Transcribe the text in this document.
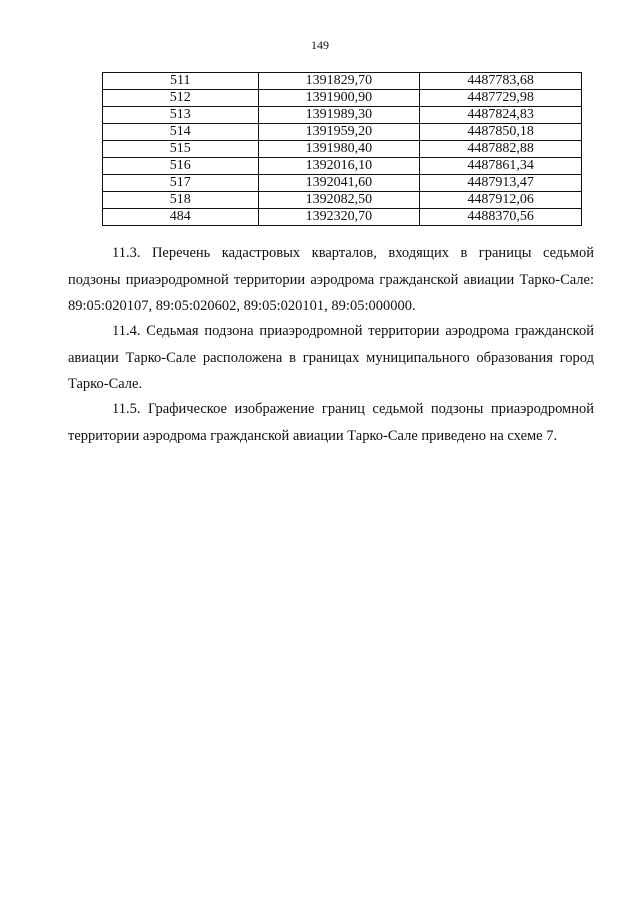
149
511	1391829,70	4487783,68
512	1391900,90	4487729,98
513	1391989,30	4487824,83
514	1391959,20	4487850,18
515	1391980,40	4487882,88
516	1392016,10	4487861,34
517	1392041,60	4487913,47
518	1392082,50	4487912,06
484	1392320,70	4488370,56

11.3. Перечень кадастровых кварталов, входящих в границы седьмой подзоны приаэродромной территории аэродрома гражданской авиации Тарко-Сале: 89:05:020107, 89:05:020602, 89:05:020101, 89:05:000000.

11.4. Седьмая подзона приаэродромной территории аэродрома гражданской авиации Тарко-Сале расположена в границах муниципального образования город Тарко-Сале.

11.5. Графическое изображение границ седьмой подзоны приаэродромной территории аэродрома гражданской авиации Тарко-Сале приведено на схеме 7.
